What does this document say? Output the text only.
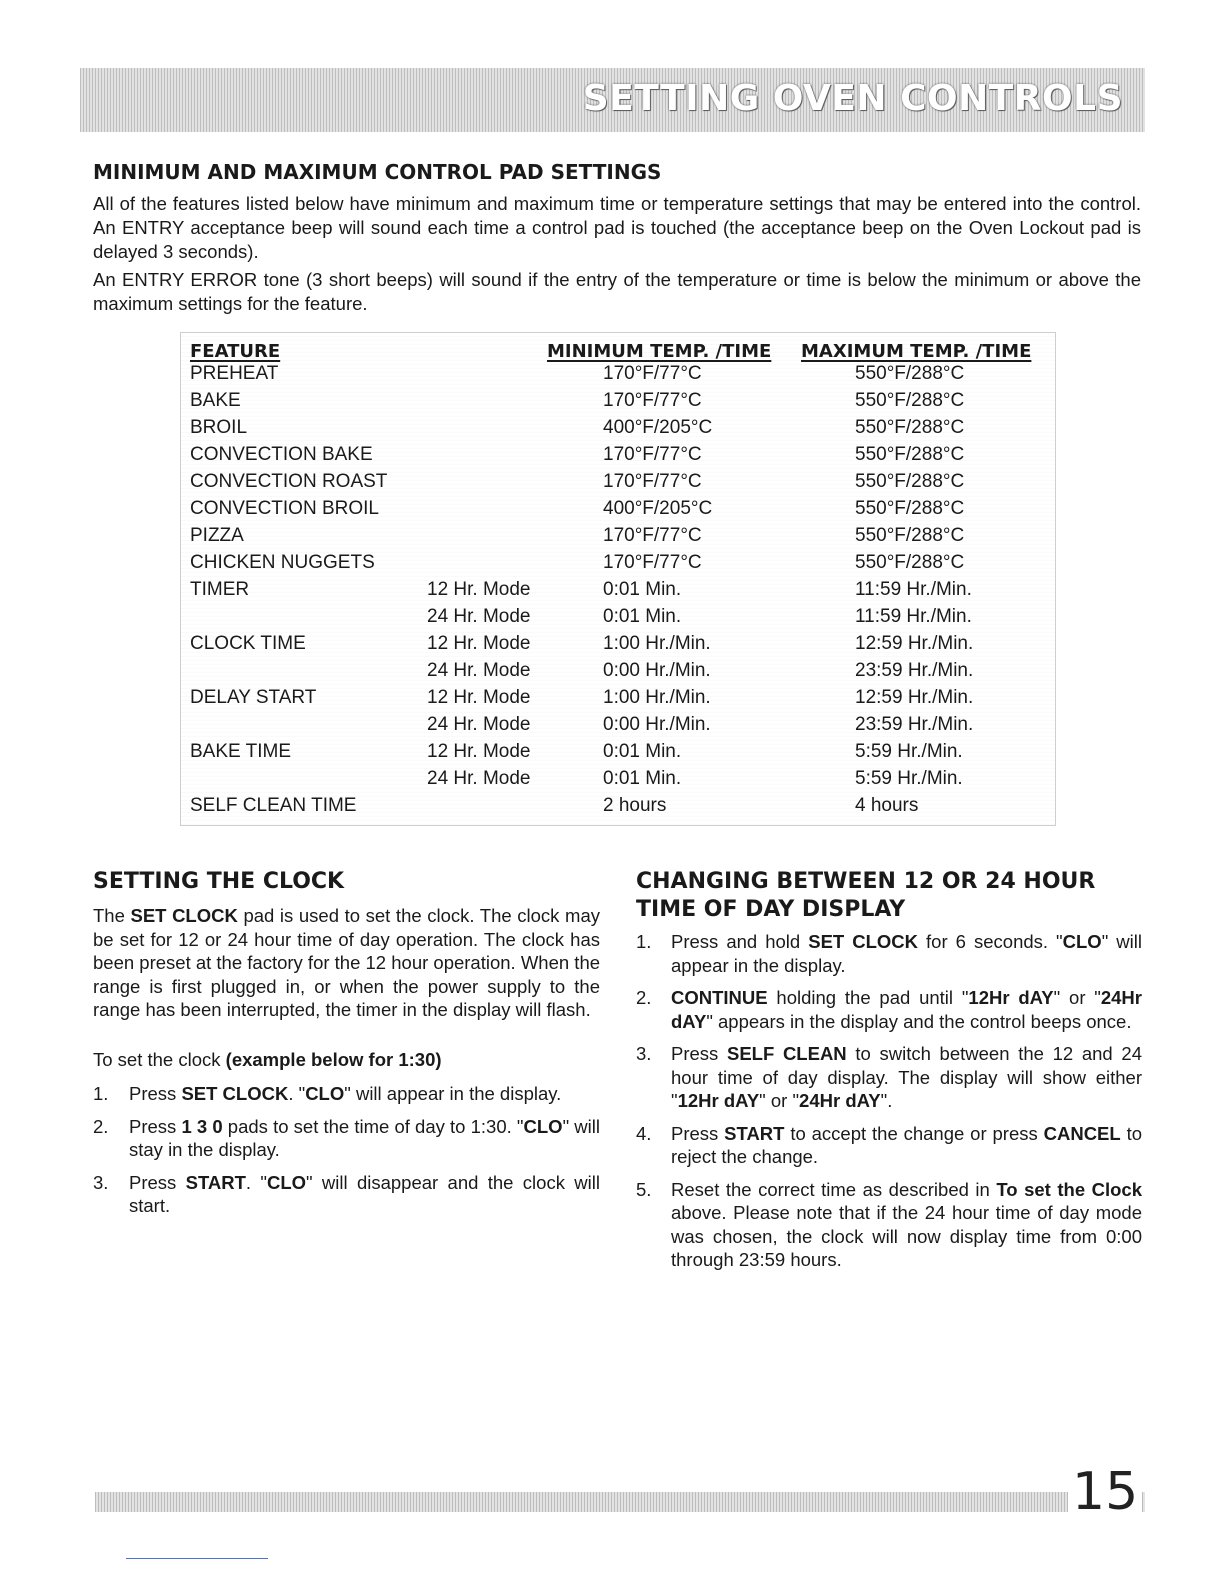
SETTING OVEN CONTROLS
MINIMUM AND MAXIMUM CONTROL PAD SETTINGS

All of the features listed below have minimum and maximum time or temperature settings that may be entered into the control. An ENTRY acceptance beep will sound each time a control pad is touched (the acceptance beep on the Oven Lockout pad is delayed 3 seconds).

An ENTRY ERROR tone (3 short beeps) will sound if the entry of the temperature or time is below the minimum or above the maximum settings for the feature.

FEATURE	MINIMUM TEMP. /TIME MAXIMUM TEMP. /TIME
PREHEAT	170°F/77°C	550°F/288°C
BAKE	170°F/77°C	550°F/288°C
BROIL	400°F/205°C	550°F/288°C
CONVECTION BAKE	170°F/77°C	550°F/288°C
CONVECTION ROAST	170°F/77°C	550°F/288°C
CONVECTION BROIL	400°F/205°C	550°F/288°C
PIZZA	170°F/77°C	550°F/288°C
CHICKEN NUGGETS	170°F/77°C	550°F/288°C
TIMER	12 Hr. Mode	0:01 Min.	11:59 Hr./Min.
24 Hr. Mode	0:01 Min.	11:59 Hr./Min.
CLOCK TIME	12 Hr. Mode	1:00 Hr./Min.	12:59 Hr./Min.
24 Hr. Mode	0:00 Hr./Min.	23:59 Hr./Min.
DELAY START	12 Hr. Mode	1:00 Hr./Min.	12:59 Hr./Min.
24 Hr. Mode	0:00 Hr./Min.	23:59 Hr./Min.
BAKE TIME	12 Hr. Mode	0:01 Min.	5:59 Hr./Min.
24 Hr. Mode	0:01 Min.	5:59 Hr./Min.
SELF CLEAN TIME	2 hours	4 hours
SETTING THE CLOCK

The SET CLOCK pad is used to set the clock. The clock may be set for 12 or 24 hour time of day operation. The clock has been preset at the factory for the 12 hour operation. When the range is first plugged in, or when the power supply to the range has been interrupted, the timer in the display will flash.

To set the clock (example below for 1:30)

1. Press SET CLOCK. "CLO" will appear in the display.
2. Press 1 3 0 pads to set the time of day to 1:30. "CLO" will stay in the display.
3. Press START. "CLO" will disappear and the clock will start.
CHANGING BETWEEN 12 OR 24 HOUR TIME OF DAY DISPLAY
1. Press and hold SET CLOCK for 6 seconds. "CLO" will appear in the display.
2. CONTINUE holding the pad until "12Hr dAY" or "24Hr dAY" appears in the display and the control beeps once.
3. Press SELF CLEAN to switch between the 12 and 24 hour time of day display. The display will show either "12Hr dAY" or "24Hr dAY".
4. Press START to accept the change or press CANCEL to reject the change.
5. Reset the correct time as described in To set the Clock above. Please note that if the 24 hour time of day mode was chosen, the clock will now display time from 0:00 through 23:59 hours.
15
